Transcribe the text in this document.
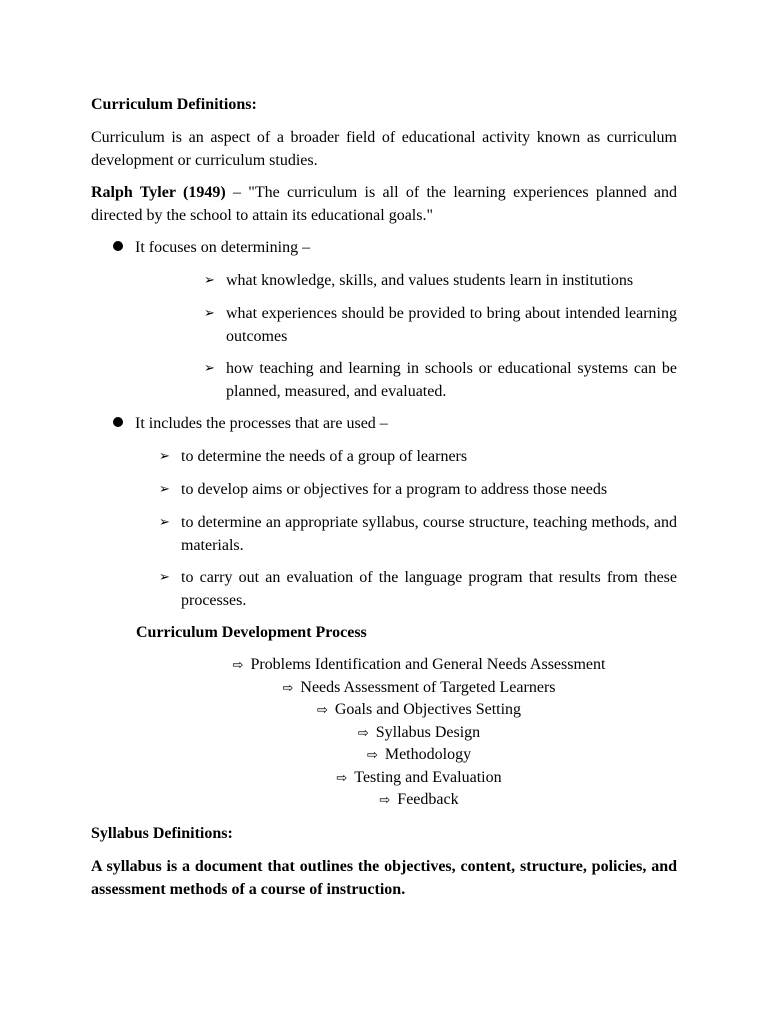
Curriculum Definitions:
Curriculum is an aspect of a broader field of educational activity known as curriculum development or curriculum studies.
Ralph Tyler (1949) – "The curriculum is all of the learning experiences planned and directed by the school to attain its educational goals."
It focuses on determining –
➢ what knowledge, skills, and values students learn in institutions
➢ what experiences should be provided to bring about intended learning outcomes
➢ how teaching and learning in schools or educational systems can be planned, measured, and evaluated.
It includes the processes that are used –
➢ to determine the needs of a group of learners
➢ to develop aims or objectives for a program to address those needs
➢ to determine an appropriate syllabus, course structure, teaching methods, and materials.
➢ to carry out an evaluation of the language program that results from these processes.
Curriculum Development Process
⇨ Problems Identification and General Needs Assessment
⇨ Needs Assessment of Targeted Learners
⇨ Goals and Objectives Setting
⇨ Syllabus Design
⇨ Methodology
⇨ Testing and Evaluation
⇨ Feedback
Syllabus Definitions:
A syllabus is a document that outlines the objectives, content, structure, policies, and assessment methods of a course of instruction.
